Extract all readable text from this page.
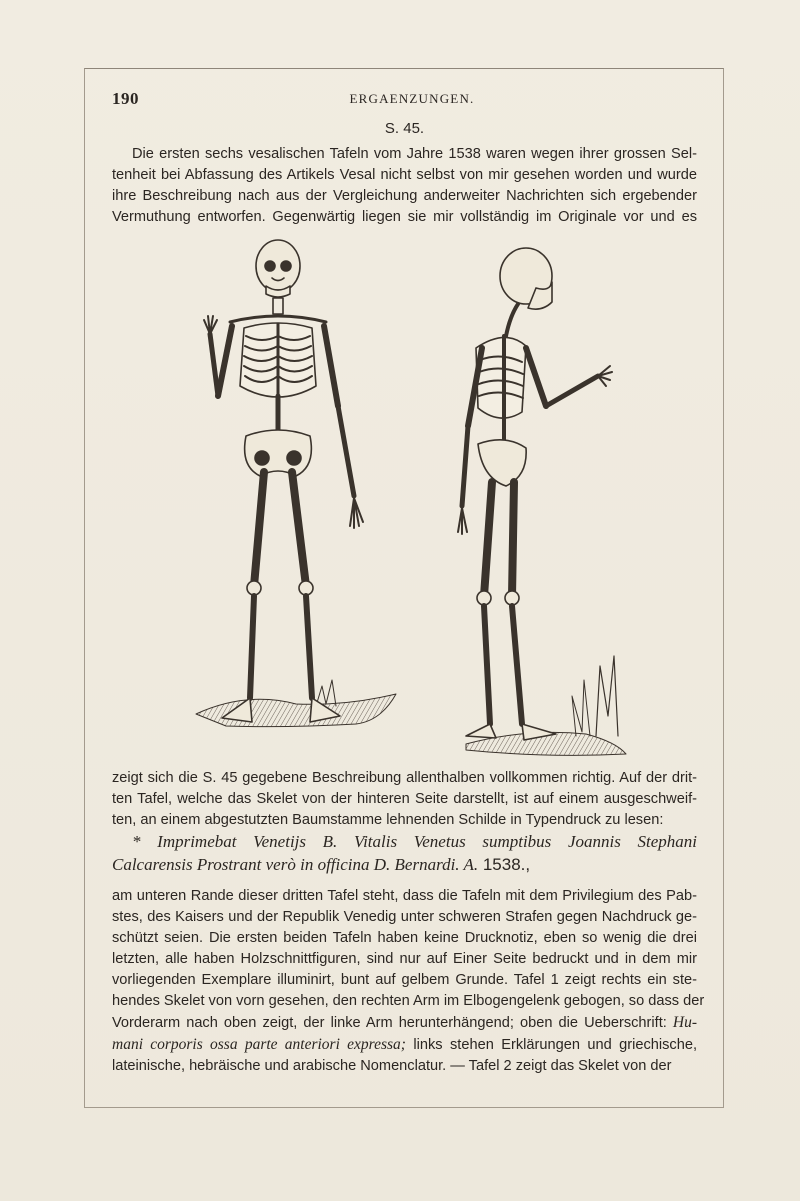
190	ERGAENZUNGEN.
S. 45.

Die ersten sechs vesalischen Tafeln vom Jahre 1538 waren wegen ihrer grossen Sel-
tenheit bei Abfassung des Artikels Vesal nicht selbst von mir gesehen worden und wurde
ihre Beschreibung nach aus der Vergleichung anderweiter Nachrichten sich ergebender
Vermuthung entworfen. Gegenwärtig liegen sie mir vollständig im Originale vor und es

zeigt sich die S. 45 gegebene Beschreibung allenthalben vollkommen richtig. Auf der drit-
ten Tafel, welche das Skelet von der hinteren Seite darstellt, ist auf einem ausgeschweif-
ten, an einem abgestutzten Baumstamme lehnenden Schilde in Typendruck zu lesen:

* Imprimebat Venetijs B. Vitalis Venetus sumptibus Joannis Stephani
Calcarensis Prostrant verò in officina D. Bernardi. A. 1538.,

am unteren Rande dieser dritten Tafel steht, dass die Tafeln mit dem Privilegium des Pab-
stes, des Kaisers und der Republik Venedig unter schweren Strafen gegen Nachdruck ge-
schützt seien. Die ersten beiden Tafeln haben keine Drucknotiz, eben so wenig die drei
letzten, alle haben Holzschnittfiguren, sind nur auf Einer Seite bedruckt und in dem mir
vorliegenden Exemplare illuminirt, bunt auf gelbem Grunde. Tafel 1 zeigt rechts ein ste-
hendes Skelet von vorn gesehen, den rechten Arm im Elbogengelenk gebogen, so dass der
Vorderarm nach oben zeigt, der linke Arm herunterhängend; oben die Ueberschrift: Hu-
mani corporis ossa parte anteriori expressa; links stehen Erklärungen und griechische,
lateinische, hebräische und arabische Nomenclatur. — Tafel 2 zeigt das Skelet von der
